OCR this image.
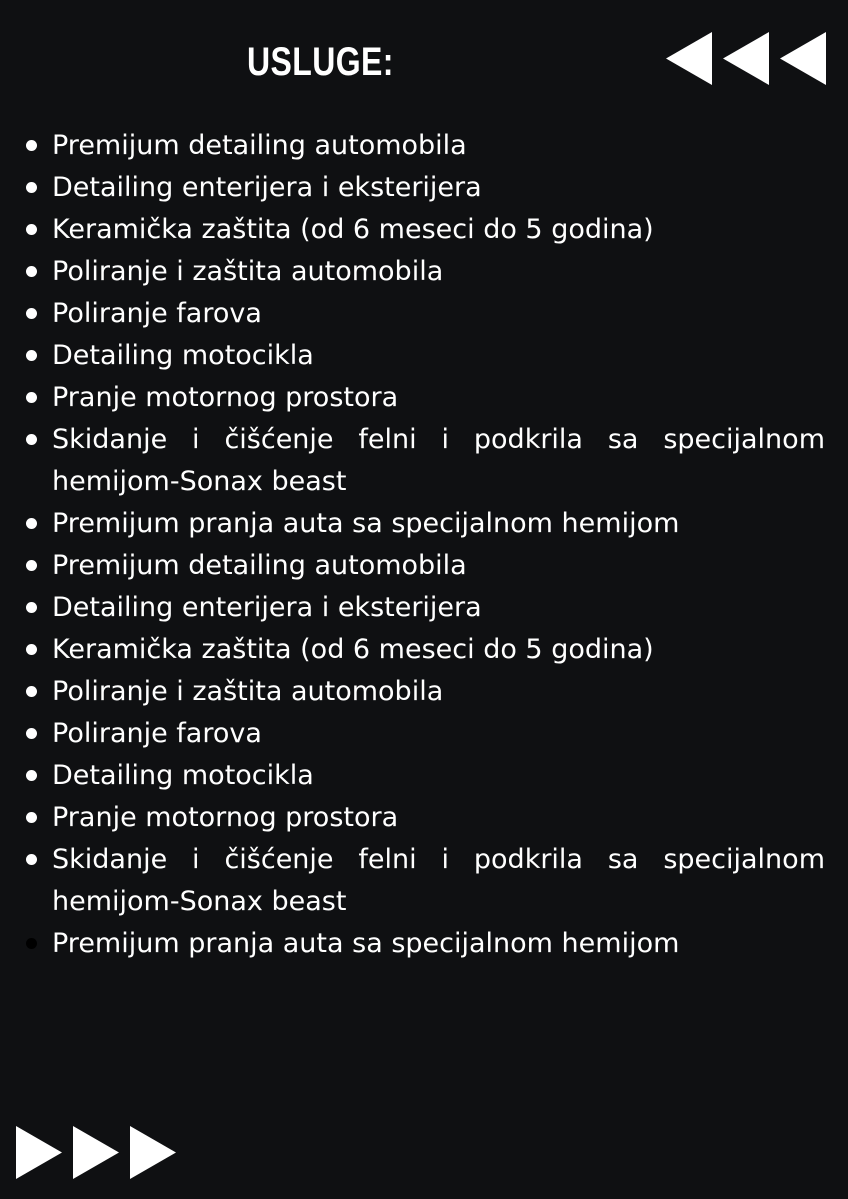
USLUGE:
Premijum detailing automobila
Detailing enterijera i eksterijera
Keramička zaštita (od 6 meseci do 5 godina)
Poliranje i zaštita automobila
Poliranje farova
Detailing motocikla
Pranje motornog prostora
Skidanje i čišćenje felni i podkrila sa specijalnom hemijom-Sonax beast
Premijum pranja auta sa specijalnom hemijom
Premijum detailing automobila
Detailing enterijera i eksterijera
Keramička zaštita (od 6 meseci do 5 godina)
Poliranje i zaštita automobila
Poliranje farova
Detailing motocikla
Pranje motornog prostora
Skidanje i čišćenje felni i podkrila sa specijalnom hemijom-Sonax beast
Premijum pranja auta sa specijalnom hemijom
